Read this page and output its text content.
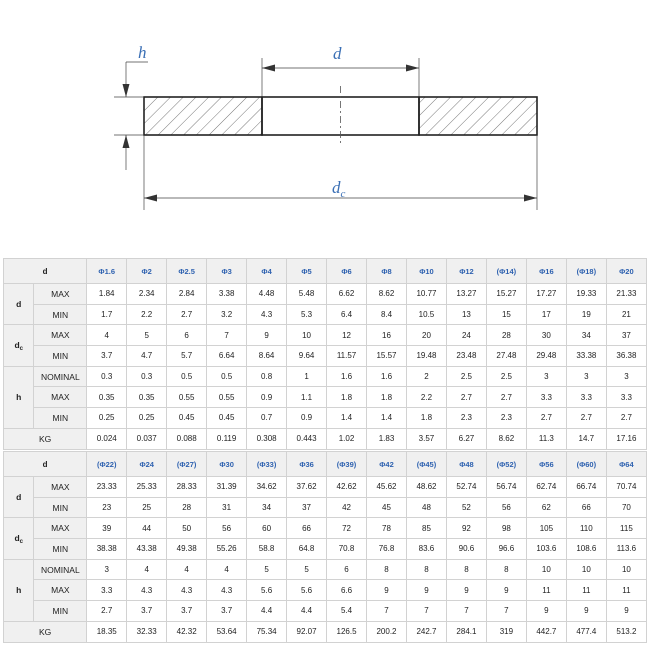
h	d
$d_c$
d		Φ1.6	Φ2	Φ2.5	Φ3	Φ4	Φ5	Φ6	Φ8	Φ10	Φ12	(Φ14)	Φ16	(Φ18)	Φ20
d	MAX	1.84	2.34	2.84	3.38	4.48	5.48	6.62	8.62	10.77	13.27	15.27	17.27	19.33	21.33
	MIN	1.7	2.2	2.7	3.2	4.3	5.3	6.4	8.4	10.5	13	15	17	19	21
$d_c$	MAX	4	5	6	7	9	10	12	16	20	24	28	30	34	37
	MIN	3.7	4.7	5.7	6.64	8.64	9.64	11.57	15.57	19.48	23.48	27.48	29.48	33.38	36.38
h	NOMINAL	0.3	0.3	0.5	0.5	0.8	1	1.6	1.6	2	2.5	2.5	3	3	3
	MAX	0.35	0.35	0.55	0.55	0.9	1.1	1.8	1.8	2.2	2.7	2.7	3.3	3.3	3.3
	MIN	0.25	0.25	0.45	0.45	0.7	0.9	1.4	1.4	1.8	2.3	2.3	2.7	2.7	2.7
KG		0.024	0.037	0.088	0.119	0.308	0.443	1.02	1.83	3.57	6.27	8.62	11.3	14.7	17.16
d		(Φ22)	Φ24	(Φ27)	Φ30	(Φ33)	Φ36	(Φ39)	Φ42	(Φ45)	Φ48	(Φ52)	Φ56	(Φ60)	Φ64
d	MAX	23.33	25.33	28.33	31.39	34.62	37.62	42.62	45.62	48.62	52.74	56.74	62.74	66.74	70.74
	MIN	23	25	28	31	34	37	42	45	48	52	56	62	66	70
$d_c$	MAX	39	44	50	56	60	66	72	78	85	92	98	105	110	115
	MIN	38.38	43.38	49.38	55.26	58.8	64.8	70.8	76.8	83.6	90.6	96.6	103.6	108.6	113.6
h	NOMINAL	3	4	4	4	5	5	6	8	8	8	8	10	10	10
	MAX	3.3	4.3	4.3	4.3	5.6	5.6	6.6	9	9	9	9	11	11	11
	MIN	2.7	3.7	3.7	3.7	4.4	4.4	5.4	7	7	7	7	9	9	9
KG		18.35	32.33	42.32	53.64	75.34	92.07	126.5	200.2	242.7	284.1	319	442.7	477.4	513.2
